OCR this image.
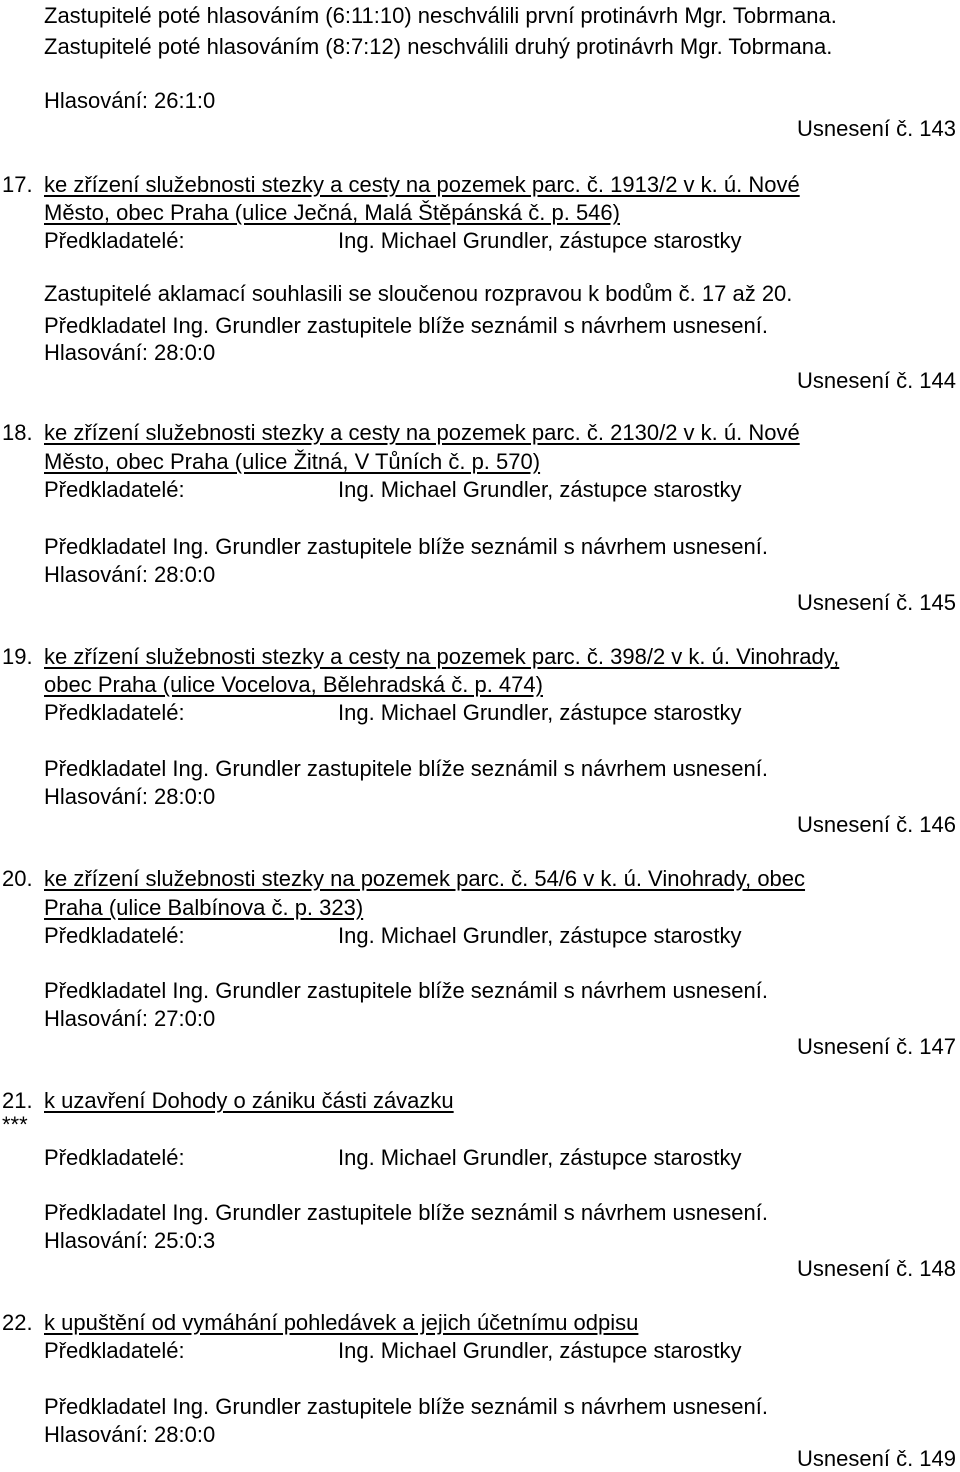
Zastupitelé poté hlasováním (6:11:10) neschválili první protinávrh Mgr. Tobrmana.
Zastupitelé poté hlasováním (8:7:12) neschválili druhý protinávrh Mgr. Tobrmana.
Hlasování: 26:1:0
Usnesení č. 143
17. ke zřízení služebnosti stezky a cesty na pozemek parc. č. 1913/2 v k. ú. Nové
Město, obec Praha (ulice Ječná, Malá Štěpánská č. p. 546)
Předkladatelé:	Ing. Michael Grundler, zástupce starostky
Zastupitelé aklamací souhlasili se sloučenou rozpravou k bodům č. 17 až 20.
Předkladatel Ing. Grundler zastupitele blíže seznámil s návrhem usnesení.
Hlasování: 28:0:0
Usnesení č. 144
18. ke zřízení služebnosti stezky a cesty na pozemek parc. č. 2130/2 v k. ú. Nové
Město, obec Praha (ulice Žitná, V Tůních č. p. 570)
Předkladatelé:	Ing. Michael Grundler, zástupce starostky
Předkladatel Ing. Grundler zastupitele blíže seznámil s návrhem usnesení.
Hlasování: 28:0:0
Usnesení č. 145
19. ke zřízení služebnosti stezky a cesty na pozemek parc. č. 398/2 v k. ú. Vinohrady,
obec Praha (ulice Vocelova, Bělehradská č. p. 474)
Předkladatelé:	Ing. Michael Grundler, zástupce starostky
Předkladatel Ing. Grundler zastupitele blíže seznámil s návrhem usnesení.
Hlasování: 28:0:0
Usnesení č. 146
20. ke zřízení služebnosti stezky na pozemek parc. č. 54/6 v k. ú. Vinohrady, obec
Praha (ulice Balbínova č. p. 323)
Předkladatelé:	Ing. Michael Grundler, zástupce starostky
Předkladatel Ing. Grundler zastupitele blíže seznámil s návrhem usnesení.
Hlasování: 27:0:0
Usnesení č. 147
21.
***
k uzavření Dohody o zániku části závazku
Předkladatelé:	Ing. Michael Grundler, zástupce starostky
Předkladatel Ing. Grundler zastupitele blíže seznámil s návrhem usnesení.
Hlasování: 25:0:3
Usnesení č. 148
22. k upuštění od vymáhání pohledávek a jejich účetnímu odpisu
Předkladatelé:	Ing. Michael Grundler, zástupce starostky
Předkladatel Ing. Grundler zastupitele blíže seznámil s návrhem usnesení.
Hlasování: 28:0:0
Usnesení č. 149
